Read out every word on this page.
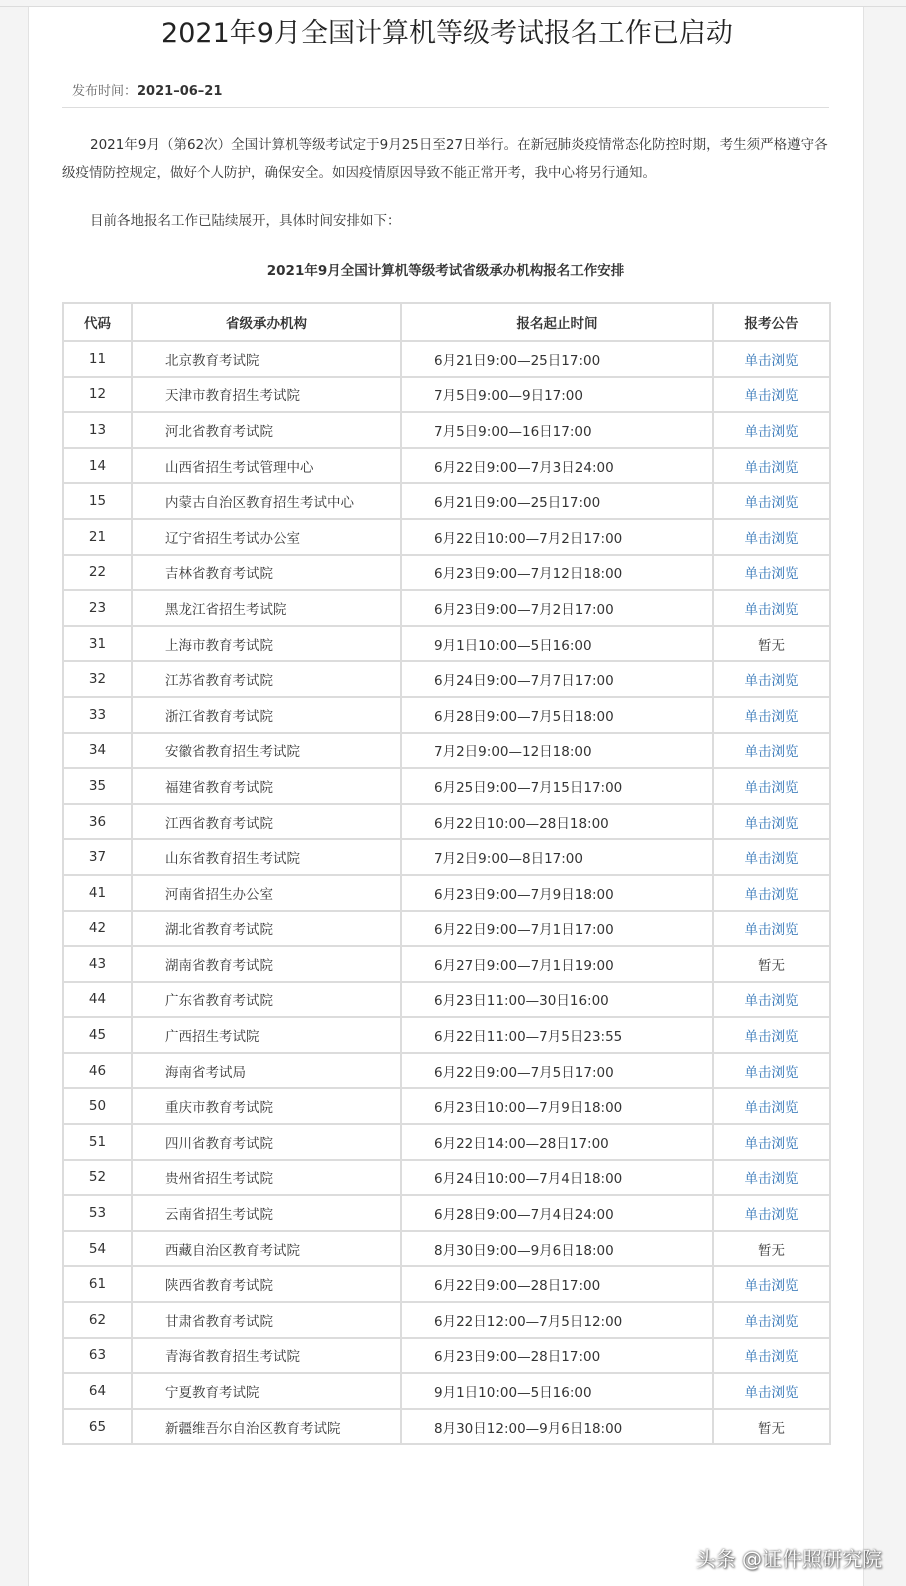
2021年9月全国计算机等级考试报名工作已启动
发布时间：2021–06–21

2021年9月（第62次）全国计算机等级考试定于9月25日至27日举行。在新冠肺炎疫情常态化防控时期，考生须严格遵守各级疫情防控规定，做好个人防护，确保安全。如因疫情原因导致不能正常开考，我中心将另行通知。

目前各地报名工作已陆续展开，具体时间安排如下：

2021年9月全国计算机等级考试省级承办机构报名工作安排
代码	省级承办机构	报名起止时间	报考公告
11	北京教育考试院	6月21日9:00—25日17:00	单击浏览
12	天津市教育招生考试院	7月5日9:00—9日17:00	单击浏览
13	河北省教育考试院	7月5日9:00—16日17:00	单击浏览
14	山西省招生考试管理中心	6月22日9:00—7月3日24:00	单击浏览
15	内蒙古自治区教育招生考试中心	6月21日9:00—25日17:00	单击浏览
21	辽宁省招生考试办公室	6月22日10:00—7月2日17:00	单击浏览
22	吉林省教育考试院	6月23日9:00—7月12日18:00	单击浏览
23	黑龙江省招生考试院	6月23日9:00—7月2日17:00	单击浏览
31	上海市教育考试院	9月1日10:00—5日16:00	暂无
32	江苏省教育考试院	6月24日9:00—7月7日17:00	单击浏览
33	浙江省教育考试院	6月28日9:00—7月5日18:00	单击浏览
34	安徽省教育招生考试院	7月2日9:00—12日18:00	单击浏览
35	福建省教育考试院	6月25日9:00—7月15日17:00	单击浏览
36	江西省教育考试院	6月22日10:00—28日18:00	单击浏览
37	山东省教育招生考试院	7月2日9:00—8日17:00	单击浏览
41	河南省招生办公室	6月23日9:00—7月9日18:00	单击浏览
42	湖北省教育考试院	6月22日9:00—7月1日17:00	单击浏览
43	湖南省教育考试院	6月27日9:00—7月1日19:00	暂无
44	广东省教育考试院	6月23日11:00—30日16:00	单击浏览
45	广西招生考试院	6月22日11:00—7月5日23:55	单击浏览
46	海南省考试局	6月22日9:00—7月5日17:00	单击浏览
50	重庆市教育考试院	6月23日10:00—7月9日18:00	单击浏览
51	四川省教育考试院	6月22日14:00—28日17:00	单击浏览
52	贵州省招生考试院	6月24日10:00—7月4日18:00	单击浏览
53	云南省招生考试院	6月28日9:00—7月4日24:00	单击浏览
54	西藏自治区教育考试院	8月30日9:00—9月6日18:00	暂无
61	陕西省教育考试院	6月22日9:00—28日17:00	单击浏览
62	甘肃省教育考试院	6月22日12:00—7月5日12:00	单击浏览
63	青海省教育招生考试院	6月23日9:00—28日17:00	单击浏览
64	宁夏教育考试院	9月1日10:00—5日16:00	单击浏览
65	新疆维吾尔自治区教育考试院	8月30日12:00—9月6日18:00	暂无
头条 @证件照研究院
